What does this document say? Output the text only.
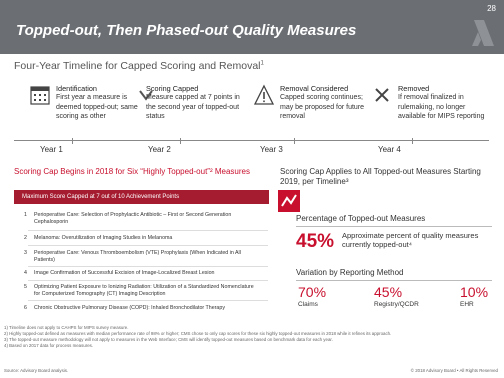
Topped-out, Then Phased-out Quality Measures
28
Four-Year Timeline for Capped Scoring and Removal$^1$
Identification
First year a measure is deemed topped-out; same scoring as other
Scoring Capped
Measure capped at 7 points in the second year of topped-out status
Removal Considered
Capped scoring continues; may be proposed for future removal
Removed
If removal finalized in rulemaking, no longer available for MIPS reporting
Year 1	Year 2	Year 3	Year 4
Scoring Cap Begins in 2018 for Six “Highly Topped-out”² Measures	Scoring Cap Applies to All Topped-out Measures Starting 2019, per Timeline³
Maximum Score Capped at 7 out of 10 Achievement Points
1	Perioperative Care: Selection of Prophylactic Antibiotic – First or Second Generation Cephalosporin
2	Melanoma: Overutilization of Imaging Studies in Melanoma
3	Perioperative Care: Venous Thromboembolism (VTE) Prophylaxis (When Indicated in All Patients)
4	Image Confirmation of Successful Excision of Image-Localized Breast Lesion
5	Optimizing Patient Exposure to Ionizing Radiation: Utilization of a Standardized Nomenclature for Computerized Tomography (CT) Imaging Description
6	Chronic Obstructive Pulmonary Disease (COPD): Inhaled Bronchodilator Therapy
Percentage of Topped-out Measures
45% Approximate percent of quality measures currently topped-out⁴
Variation by Reporting Method
70%
Claims
45%
Registry/QCDR
10%
EHR
1) Timeline does not apply to CAHPS for MIPS survey measure.
2) Highly topped-out defined as measures with median performance rate of 98% or higher; CMS chose to only cap scores for these six highly topped-out measures in 2018 while it refines its approach.
3) The topped-out measure methodology will not apply to measures in the Web Interface; CMS will identify topped-out measures based on benchmark data for each year.
4) Based on 2017 data for process measures.
Source: Advisory Board analysis.	© 2018 Advisory Board • All Rights Reserved
